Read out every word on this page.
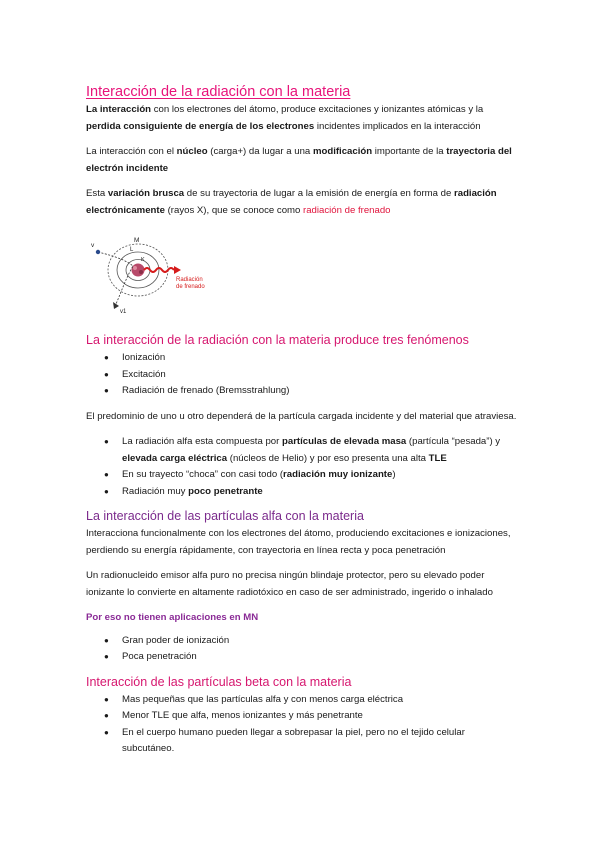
Interacción de la radiación con la materia

La interacción con los electrones del átomo, produce excitaciones y ionizantes atómicas y la perdida consiguiente de energía de los electrones incidentes implicados en la interacción

La interacción con el núcleo (carga+) da lugar a una modificación importante de la trayectoria del electrón incidente

Esta variación brusca de su trayectoria de lugar a la emisión de energía en forma de radiación electrónicamente (rayos X), que se conoce como radiación de frenado

v
M
L
K
v1
Radiación
de frenado
La interacción de la radiación con la materia produce tres fenómenos
● Ionización
● Excitación
● Radiación de frenado (Bremsstrahlung)

El predominio de uno u otro dependerá de la partícula cargada incidente y del material que atraviesa.

● La radiación alfa esta compuesta por partículas de elevada masa (partícula “pesada”) y elevada carga eléctrica (núcleos de Helio) y por eso presenta una alta TLE
● En su trayecto “choca” con casi todo (radiación muy ionizante)
● Radiación muy poco penetrante
La interacción de las partículas alfa con la materia

Interacciona funcionalmente con los electrones del átomo, produciendo excitaciones e ionizaciones, perdiendo su energía rápidamente, con trayectoria en línea recta y poca penetración

Un radionucleido emisor alfa puro no precisa ningún blindaje protector, pero su elevado poder ionizante lo convierte en altamente radiotóxico en caso de ser administrado, ingerido o inhalado

Por eso no tienen aplicaciones en MN

● Gran poder de ionización
● Poca penetración
Interacción de las partículas beta con la materia
● Mas pequeñas que las partículas alfa y con menos carga eléctrica
● Menor TLE que alfa, menos ionizantes y más penetrante
● En el cuerpo humano pueden llegar a sobrepasar la piel, pero no el tejido celular subcutáneo.
